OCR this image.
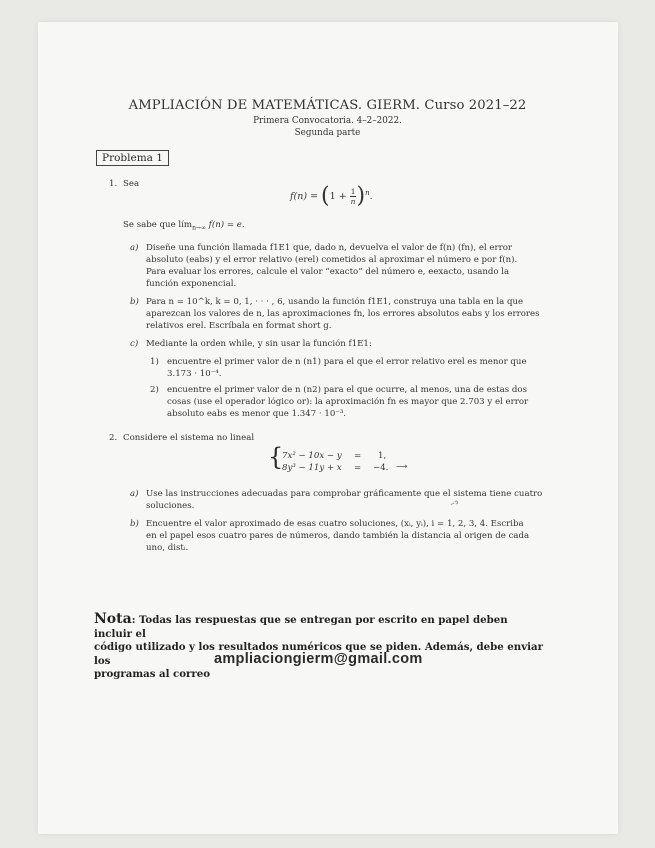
AMPLIACIÓN DE MATEMÁTICAS. GIERM. Curso 2021–22
Primera Convocatoria. 4–2–2022.
Segunda parte
Problema 1
1. Sea
$f(n) = (1 + \frac{1}{n} )^n$.
Se sabe que lím$_{n\to\infty}$ f(n) = e.
a) Diseñe una función llamada f1E1 que, dado n, devuelva el valor de f(n) (fn), el error
absoluto (eabs) y el error relativo (erel) cometidos al aproximar el número e por f(n).
Para evaluar los errores, calcule el valor “exacto” del número e, eexacto, usando la
función exponencial.
b) Para n = 10^k, k = 0, 1, · · · , 6, usando la función f1E1, construya una tabla en la que
aparezcan los valores de n, las aproximaciones fn, los errores absolutos eabs y los errores
relativos erel. Escríbala en format short g.
c) Mediante la orden while, y sin usar la función f1E1:
1) encuentre el primer valor de n (n1) para el que el error relativo erel es menor que
3.173 · 10⁻⁴.
2) encuentre el primer valor de n (n2) para el que ocurre, al menos, una de estas dos
cosas (use el operador lógico or): la aproximación fn es mayor que 2.703 y el error
absoluto eabs es menor que 1.347 · 10⁻³.
2. Considere el sistema no lineal
{
7x² − 10x − y = 1,
8y³ − 11y + x = −4. ⟶
~ↄ
a) Use las instrucciones adecuadas para comprobar gráficamente que el sistema tiene cuatro
soluciones.
b) Encuentre el valor aproximado de esas cuatro soluciones, (xᵢ, yᵢ), i = 1, 2, 3, 4. Escriba
en el papel esos cuatro pares de números, dando también la distancia al origen de cada
uno, distᵢ.
Nota: Todas las respuestas que se entregan por escrito en papel deben incluir el
código utilizado y los resultados numéricos que se piden. Además, debe enviar los
programas al correo
ampliaciongierm@gmail.com
